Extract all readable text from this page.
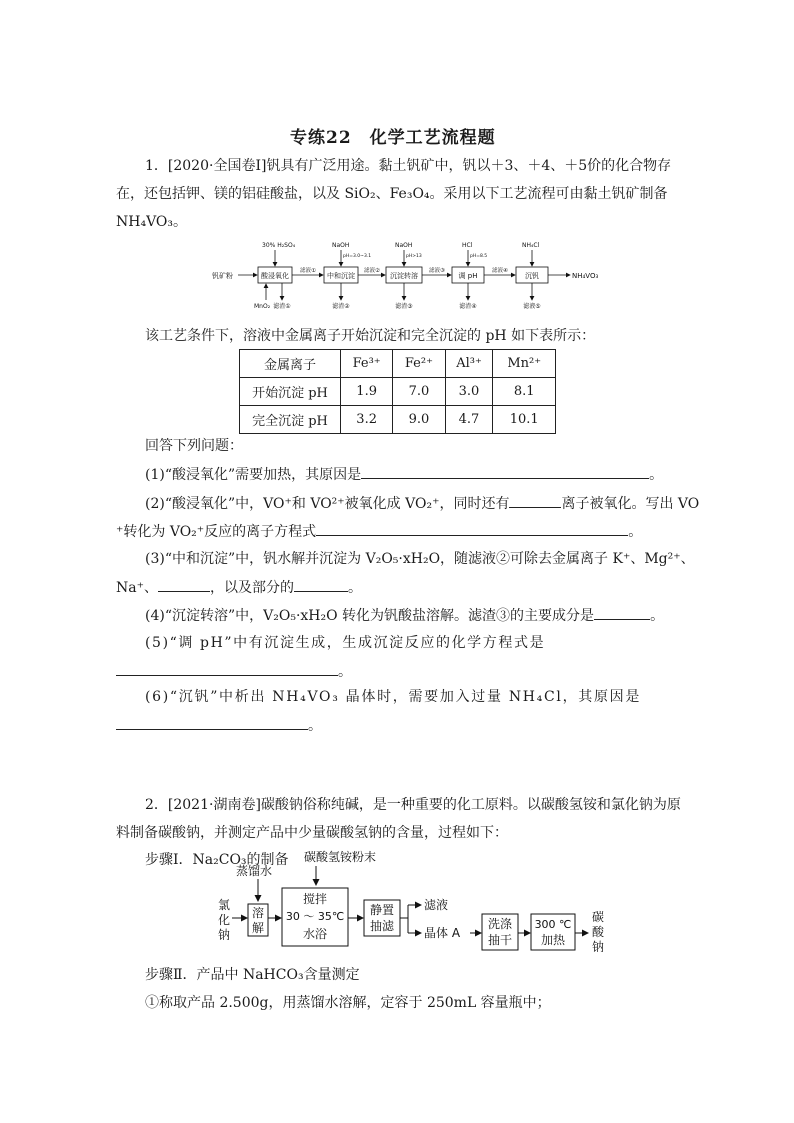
专练22　化学工艺流程题
1．[2020·全国卷Ⅰ]钒具有广泛用途。黏土钒矿中，钒以＋3、＋4、＋5价的化合物存
在，还包括钾、镁的铝硅酸盐，以及 SiO₂、Fe₃O₄。采用以下工艺流程可由黏土钒矿制备
NH₄VO₃。
钒矿粉	酸浸氧化	中和沉淀	沉淀转溶	调 pH	沉钒
滤液①	滤液②	滤液③	滤液④
NH₄VO₃
30% H₂SO₄	NaOH
pH=3.0~3.1
NaOH
pH>13
HCl
pH=8.5
NH₄Cl
MnO₂ 滤渣①	滤渣②	滤渣③	滤渣④	滤液⑤
该工艺条件下，溶液中金属离子开始沉淀和完全沉淀的 pH 如下表所示：
金属离子	Fe³⁺	Fe²⁺	Al³⁺	Mn²⁺
开始沉淀 pH	1.9	7.0	3.0	8.1
完全沉淀 pH	3.2	9.0	4.7	10.1
回答下列问题：
(1)“酸浸氧化”需要加热，其原因是	。
(2)“酸浸氧化”中，VO⁺和 VO²⁺被氧化成 VO₂⁺，同时还有	离子被氧化。写出 VO
⁺转化为 VO₂⁺反应的离子方程式	。
(3)“中和沉淀”中，钒水解并沉淀为 V₂O₅·xH₂O，随滤液②可除去金属离子 K⁺、Mg²⁺、
Na⁺、	，以及部分的	。
(4)“沉淀转溶”中，V₂O₅·xH₂O 转化为钒酸盐溶解。滤渣③的主要成分是	。
(5)“调 pH”中有沉淀生成，生成沉淀反应的化学方程式是
。
(6)“沉钒”中析出 NH₄VO₃ 晶体时，需要加入过量 NH₄Cl，其原因是
。
2．[2021·湖南卷]碳酸钠俗称纯碱，是一种重要的化工原料。以碳酸氢铵和氯化钠为原
料制备碳酸钠，并测定产品中少量碳酸氢钠的含量，过程如下：
步骤Ⅰ．Na₂CO₃的制备
蒸馏水
碳酸氢铵粉末
氯
化
钠
溶
解
搅拌
30 ～ 35℃
水浴
静置
抽滤
滤液
晶体 A
洗涤
抽干
300 ℃
加热
碳
酸
钠
步骤Ⅱ．产品中 NaHCO₃含量测定
①称取产品 2.500g，用蒸馏水溶解，定容于 250mL 容量瓶中；
